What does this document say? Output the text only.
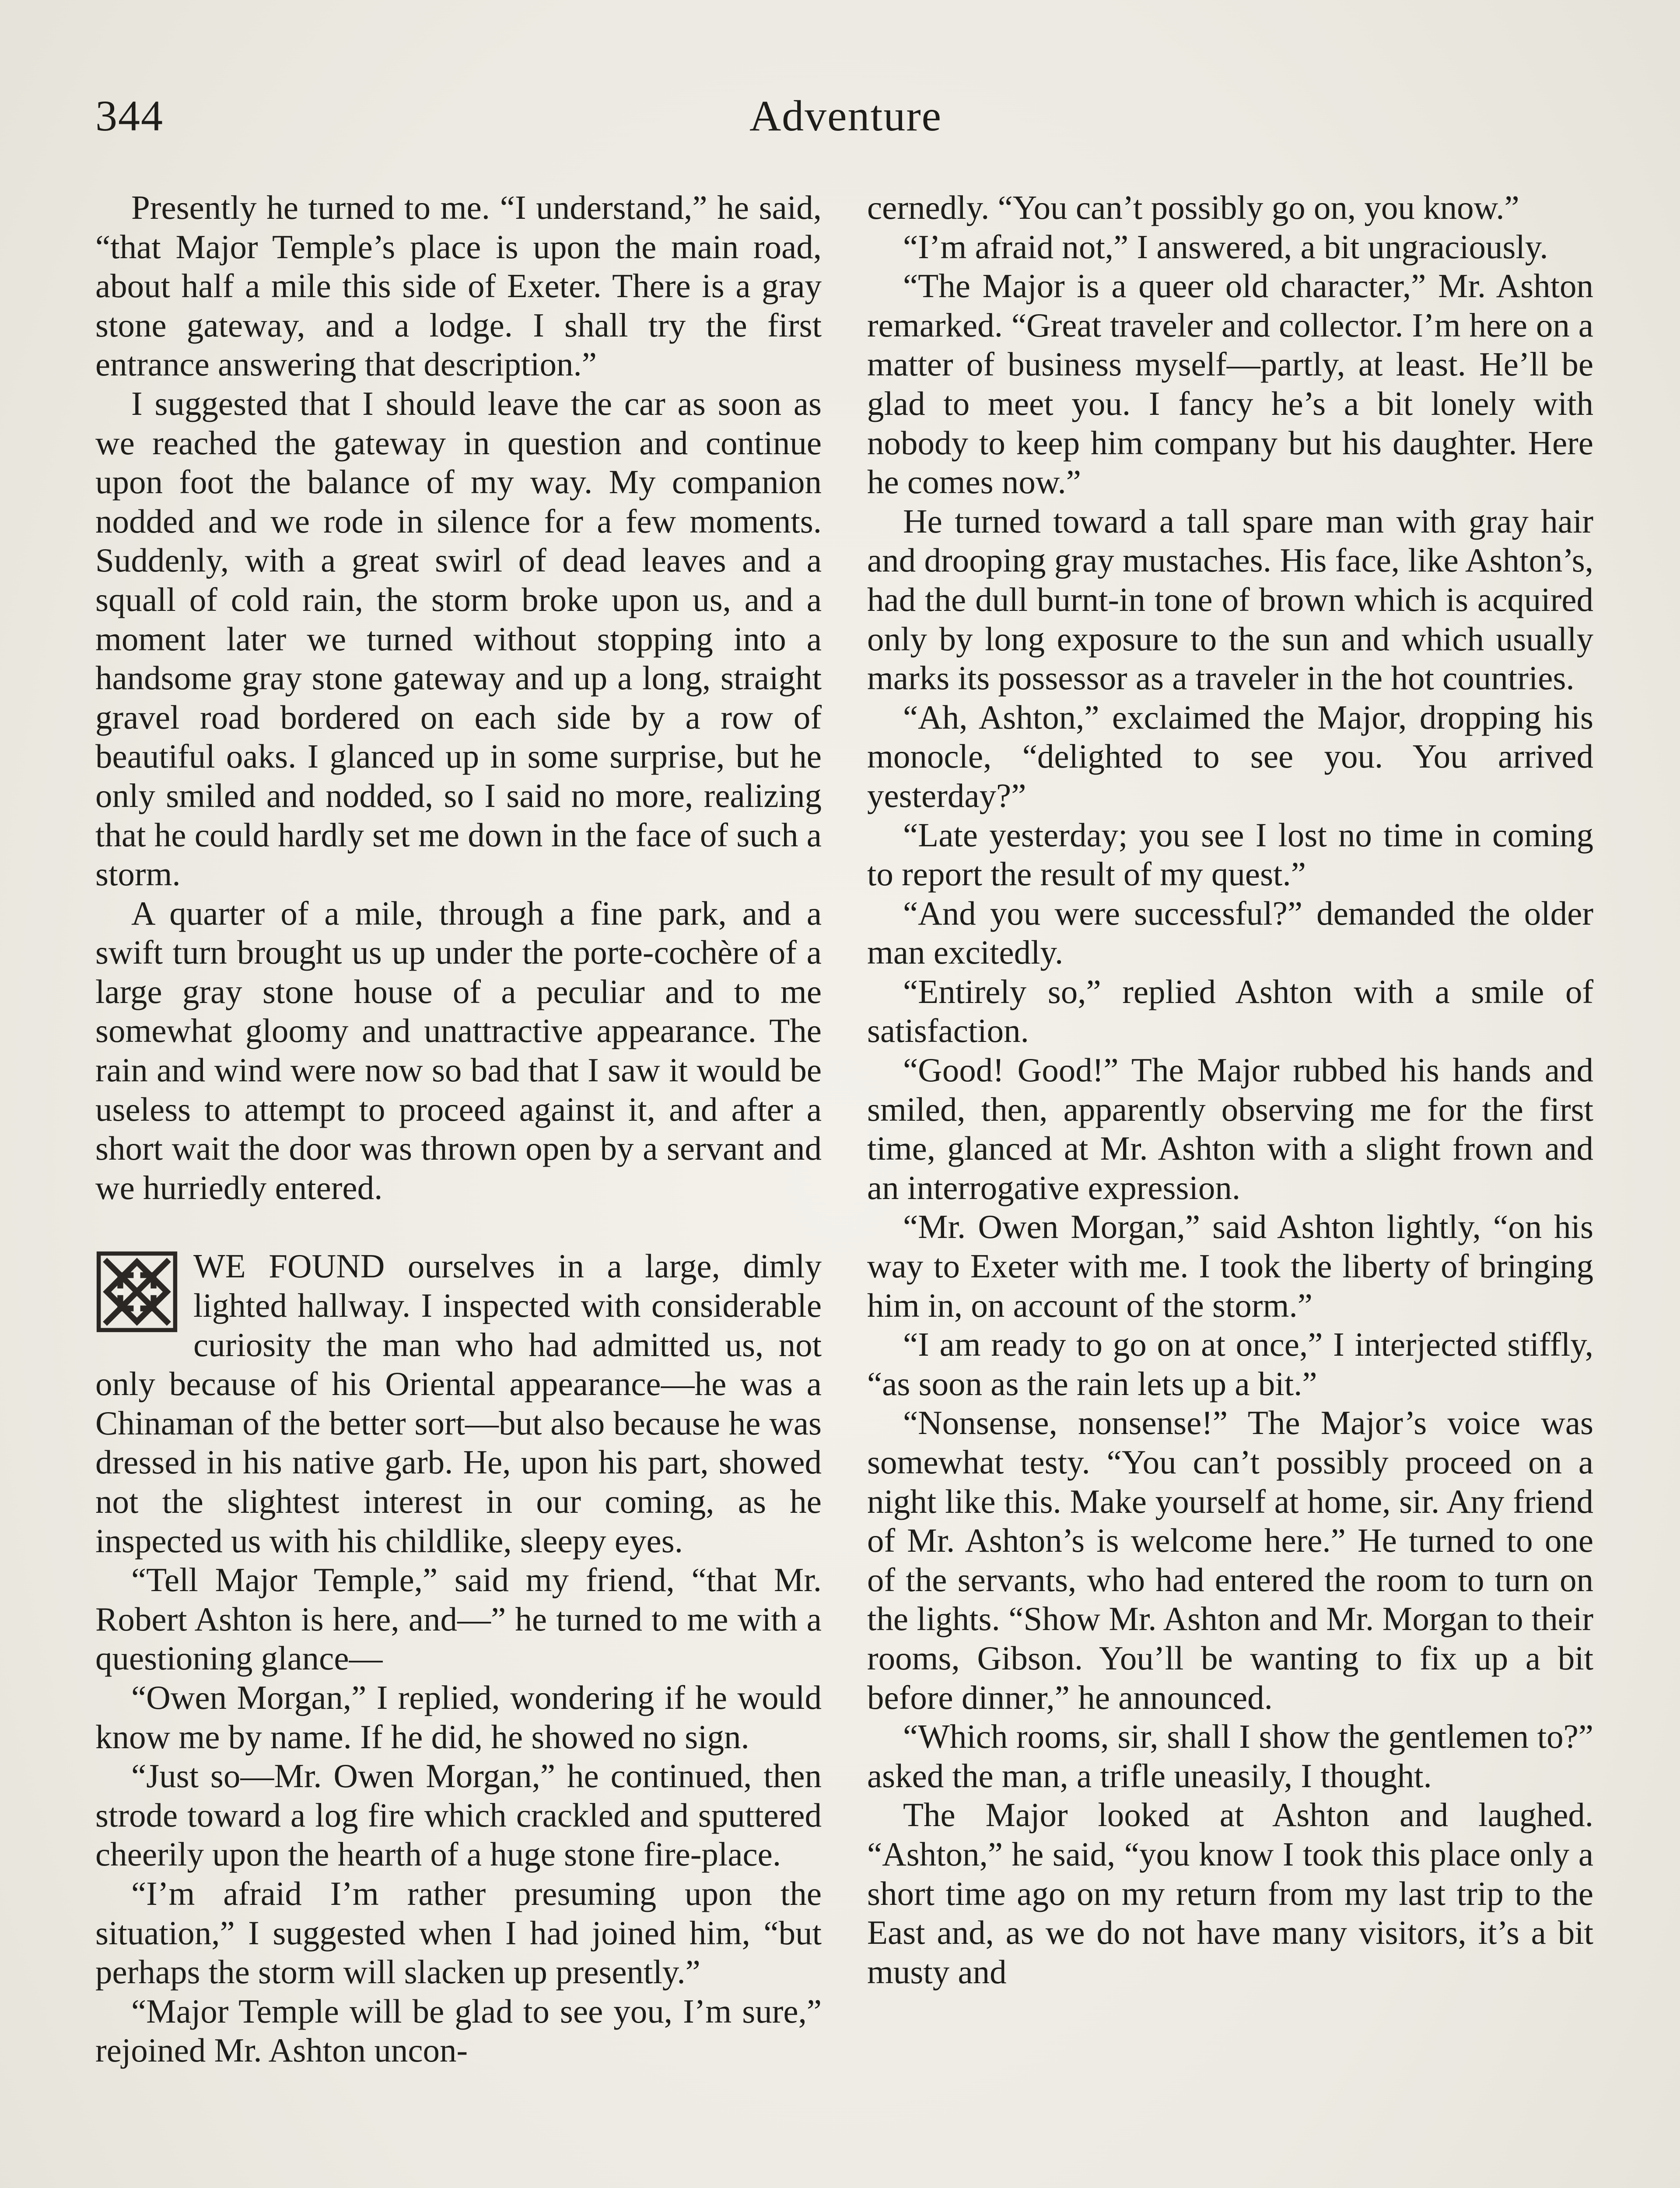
344	Adventure

Presently he turned to me. “I understand,” he said, “that Major Temple’s place is upon the main road, about half a mile this side of Exeter. There is a gray stone gateway, and a lodge. I shall try the first entrance answering that description.”

I suggested that I should leave the car as soon as we reached the gateway in question and continue upon foot the balance of my way. My companion nodded and we rode in silence for a few moments. Suddenly, with a great swirl of dead leaves and a squall of cold rain, the storm broke upon us, and a moment later we turned without stopping into a handsome gray stone gateway and up a long, straight gravel road bordered on each side by a row of beautiful oaks. I glanced up in some surprise, but he only smiled and nodded, so I said no more, realizing that he could hardly set me down in the face of such a storm.

A quarter of a mile, through a fine park, and a swift turn brought us up under the porte-cochère of a large gray stone house of a peculiar and to me somewhat gloomy and unattractive appearance. The rain and wind were now so bad that I saw it would be useless to attempt to proceed against it, and after a short wait the door was thrown open by a servant and we hurriedly entered.

WE FOUND ourselves in a large, dimly lighted hallway. I inspected with considerable curiosity the man who had admitted us, not only because of his Oriental appearance—he was a Chinaman of the better sort—but also because he was dressed in his native garb. He, upon his part, showed not the slightest interest in our coming, as he inspected us with his childlike, sleepy eyes.

“Tell Major Temple,” said my friend, “that Mr. Robert Ashton is here, and—” he turned to me with a questioning glance—

“Owen Morgan,” I replied, wondering if he would know me by name. If he did, he showed no sign.

“Just so—Mr. Owen Morgan,” he continued, then strode toward a log fire which crackled and sputtered cheerily upon the hearth of a huge stone fire-place.

“I’m afraid I’m rather presuming upon the situation,” I suggested when I had joined him, “but perhaps the storm will slacken up presently.”

“Major Temple will be glad to see you, I’m sure,” rejoined Mr. Ashton uncon-

cernedly. “You can’t possibly go on, you know.”

“I’m afraid not,” I answered, a bit ungraciously.

“The Major is a queer old character,” Mr. Ashton remarked. “Great traveler and collector. I’m here on a matter of business myself—partly, at least. He’ll be glad to meet you. I fancy he’s a bit lonely with nobody to keep him company but his daughter. Here he comes now.”

He turned toward a tall spare man with gray hair and drooping gray mustaches. His face, like Ashton’s, had the dull burnt-in tone of brown which is acquired only by long exposure to the sun and which usually marks its possessor as a traveler in the hot countries.

“Ah, Ashton,” exclaimed the Major, dropping his monocle, “delighted to see you. You arrived yesterday?”

“Late yesterday; you see I lost no time in coming to report the result of my quest.”

“And you were successful?” demanded the older man excitedly.

“Entirely so,” replied Ashton with a smile of satisfaction.

“Good! Good!” The Major rubbed his hands and smiled, then, apparently observing me for the first time, glanced at Mr. Ashton with a slight frown and an interrogative expression.

“Mr. Owen Morgan,” said Ashton lightly, “on his way to Exeter with me. I took the liberty of bringing him in, on account of the storm.”

“I am ready to go on at once,” I interjected stiffly, “as soon as the rain lets up a bit.”

“Nonsense, nonsense!” The Major’s voice was somewhat testy. “You can’t possibly proceed on a night like this. Make yourself at home, sir. Any friend of Mr. Ashton’s is welcome here.” He turned to one of the servants, who had entered the room to turn on the lights. “Show Mr. Ashton and Mr. Morgan to their rooms, Gibson. You’ll be wanting to fix up a bit before dinner,” he announced.

“Which rooms, sir, shall I show the gentlemen to?” asked the man, a trifle uneasily, I thought.

The Major looked at Ashton and laughed. “Ashton,” he said, “you know I took this place only a short time ago on my return from my last trip to the East and, as we do not have many visitors, it’s a bit musty and
